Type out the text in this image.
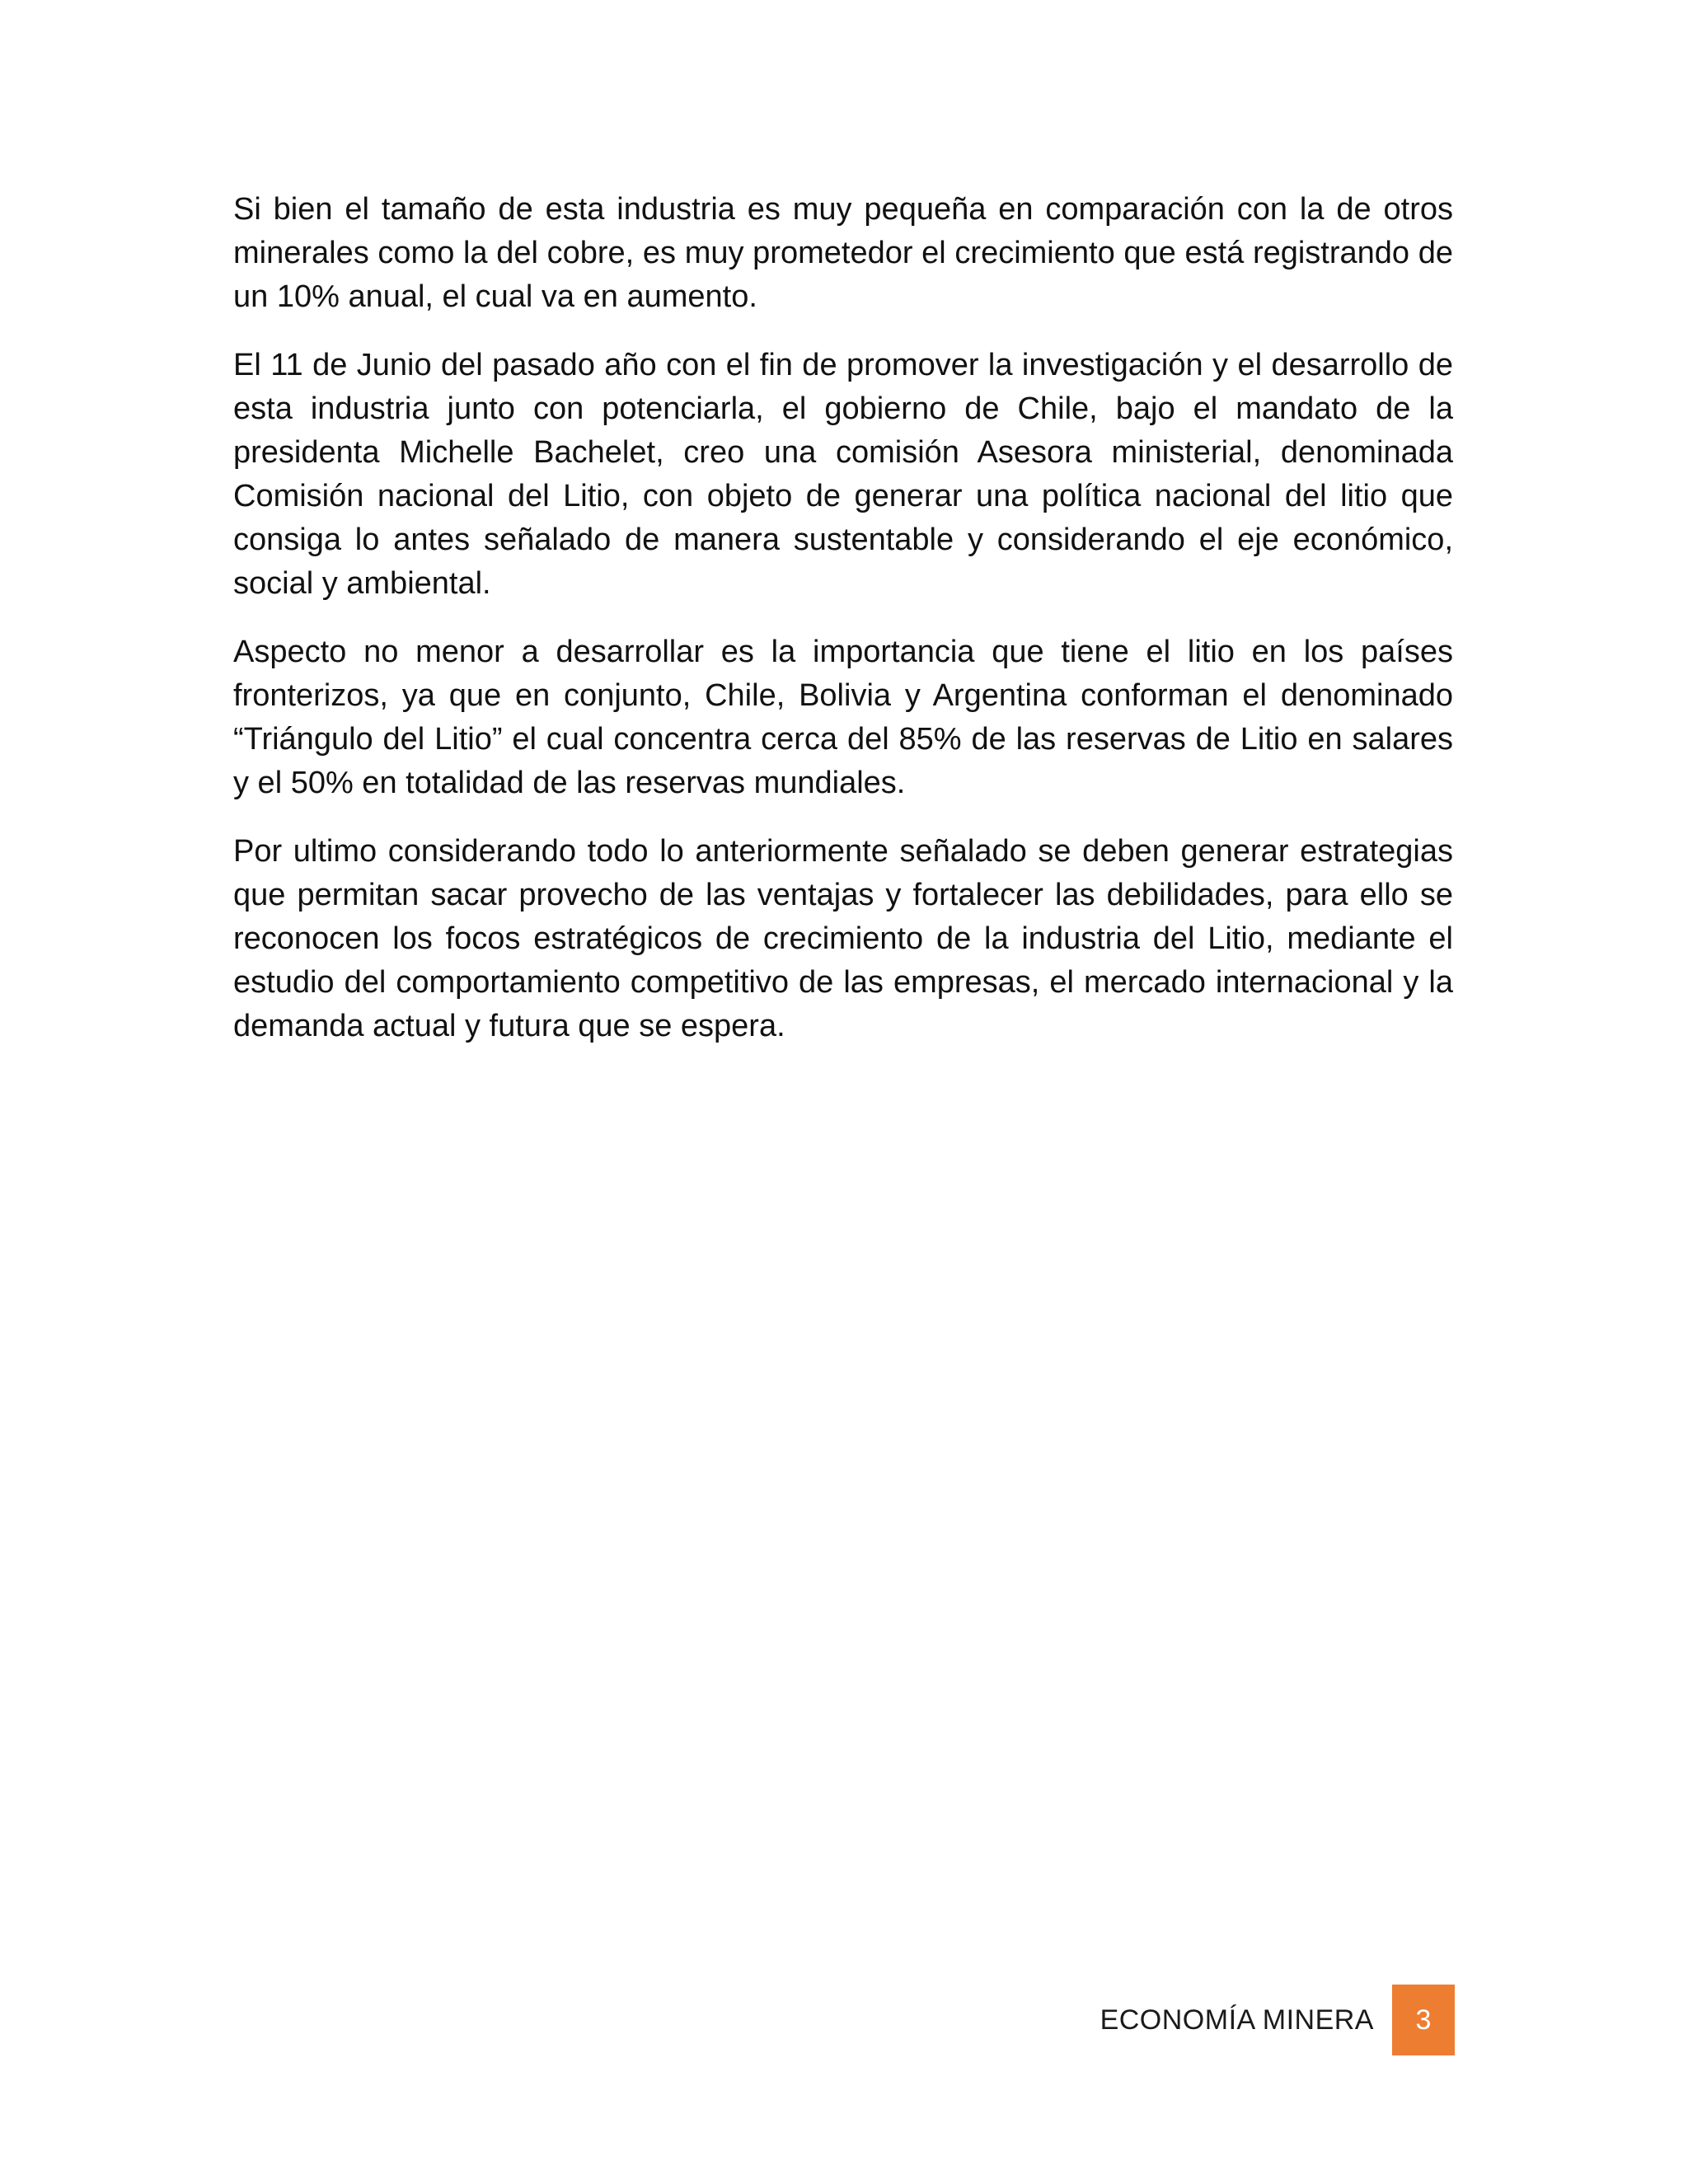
Si bien el tamaño de esta industria es muy pequeña en comparación con la de otros minerales como la del cobre, es muy prometedor el crecimiento que está registrando de un 10% anual, el cual va en aumento.

El 11 de Junio del pasado año con el fin de promover la investigación y el desarrollo de esta industria junto con potenciarla, el gobierno de Chile, bajo el mandato de la presidenta Michelle Bachelet, creo una comisión Asesora ministerial, denominada Comisión nacional del Litio, con objeto de generar una política nacional del litio que consiga lo antes señalado de manera sustentable y considerando el eje económico, social y ambiental.

Aspecto no menor a desarrollar es la importancia que tiene el litio en los países fronterizos, ya que en conjunto, Chile, Bolivia y Argentina conforman el denominado “Triángulo del Litio” el cual concentra cerca del 85% de las reservas de Litio en salares y el 50% en totalidad de las reservas mundiales.

Por ultimo considerando todo lo anteriormente señalado se deben generar estrategias que permitan sacar provecho de las ventajas y fortalecer las debilidades, para ello se reconocen los focos estratégicos de crecimiento de la industria del Litio, mediante el estudio del comportamiento competitivo de las empresas, el mercado internacional y la demanda actual y futura que se espera.

ECONOMÍA MINERA 3
